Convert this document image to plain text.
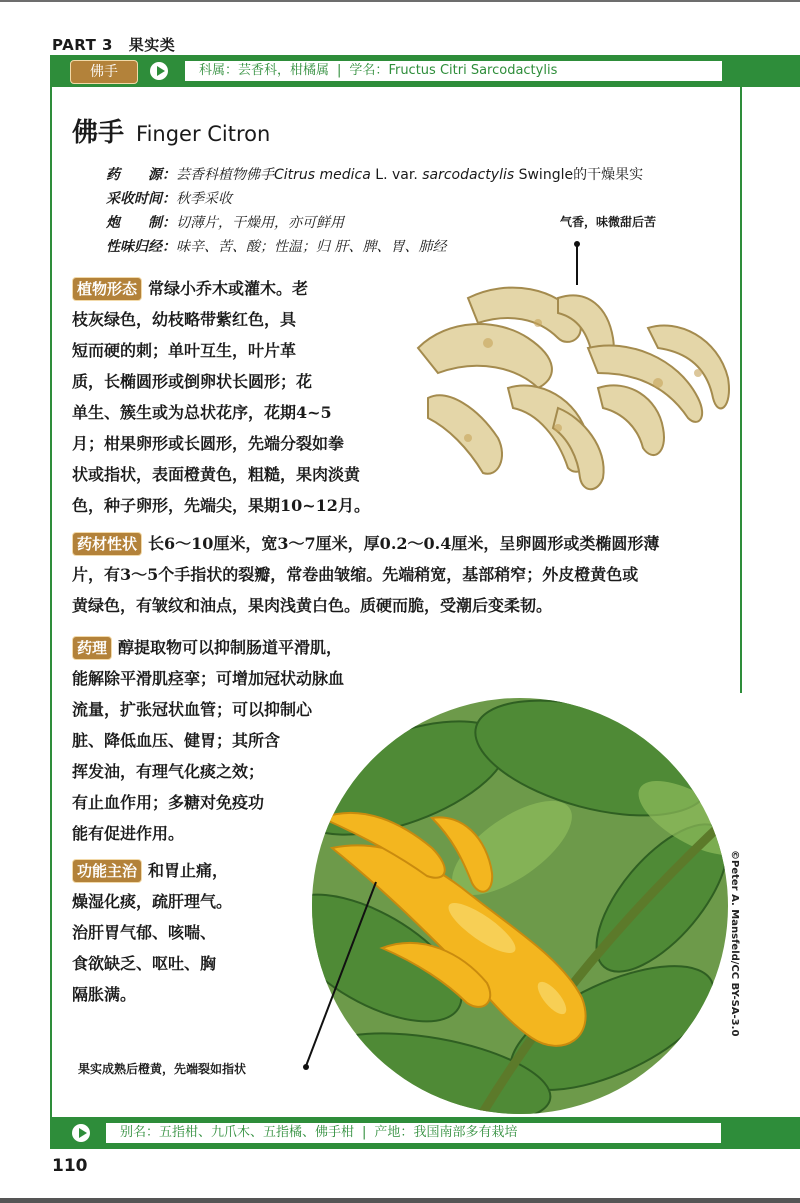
PART 3 果实类
佛手	科属：芸香科，柑橘属 | 学名：Fructus Citri Sarcodactylis
佛手 Finger Citron
药　　源：芸香科植物佛手Citrus medica L. var. sarcodactylis Swingle的干燥果实
采收时间：秋季采收
炮　　制：切薄片，干燥用，亦可鲜用
性味归经：味辛、苦、酸；性温；归 肝、脾、胃、肺经
气香，味微甜后苦
植物形态 常绿小乔木或灌木。老
枝灰绿色，幼枝略带紫红色，具
短而硬的刺；单叶互生，叶片革
质，长椭圆形或倒卵状长圆形；花
单生、簇生或为总状花序，花期4~5
月；柑果卵形或长圆形，先端分裂如拳
状或指状，表面橙黄色，粗糙，果肉淡黄
色，种子卵形，先端尖，果期10~12月。
药材性状 长6～10厘米，宽3～7厘米，厚0.2～0.4厘米，呈卵圆形或类椭圆形薄
片，有3～5个手指状的裂瓣，常卷曲皱缩。先端稍宽，基部稍窄；外皮橙黄色或
黄绿色，有皱纹和油点，果肉浅黄白色。质硬而脆，受潮后变柔韧。
药理 醇提取物可以抑制肠道平滑肌，
能解除平滑肌痉挛；可增加冠状动脉血
流量，扩张冠状血管；可以抑制心
脏、降低血压、健胃；其所含
挥发油，有理气化痰之效；
有止血作用；多糖对免疫功
能有促进作用。
©Peter A. Mansfeld/CC BY-SA-3.0
功能主治 和胃止痛，
燥湿化痰，疏肝理气。
治肝胃气郁、咳喘、
食欲缺乏、呕吐、胸
隔胀满。
果实成熟后橙黄，先端裂如指状
别名：五指柑、九爪木、五指橘、佛手柑 | 产地：我国南部多有栽培
110
